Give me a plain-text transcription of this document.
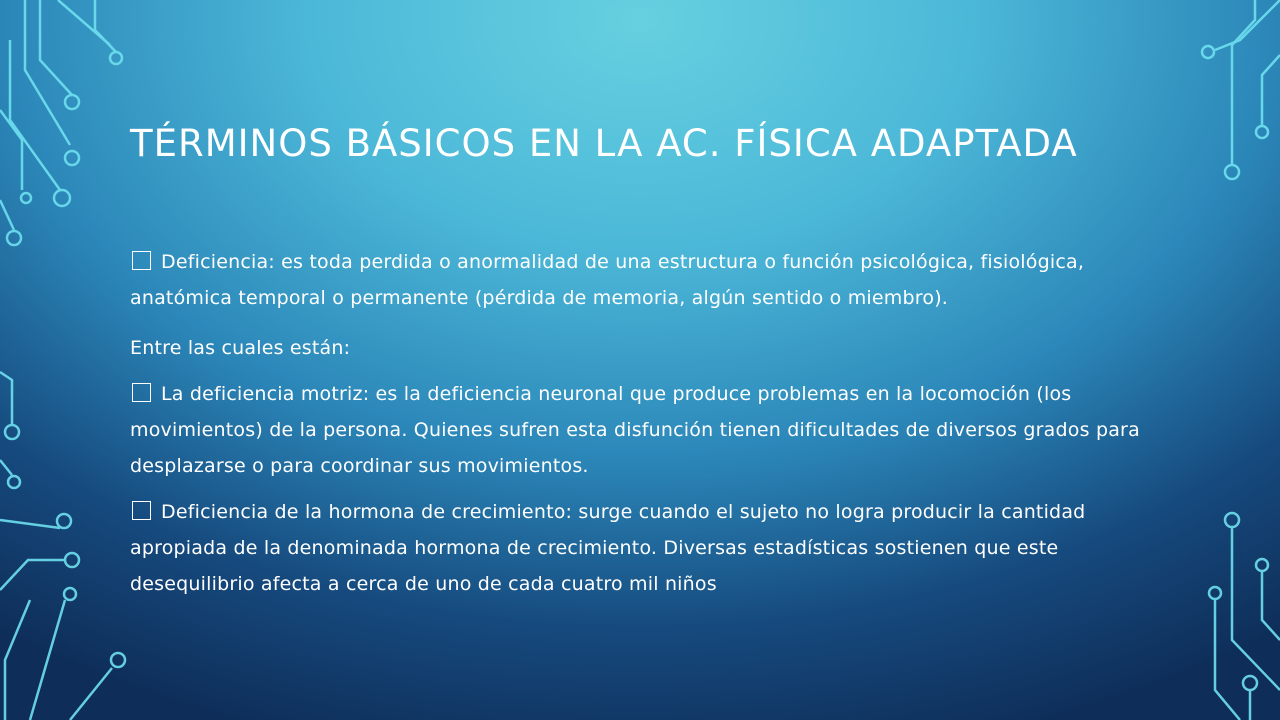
TÉRMINOS BÁSICOS EN LA AC. FÍSICA ADAPTADA

Deficiencia: es toda perdida o anormalidad de una estructura o función psicológica, fisiológica, anatómica temporal o permanente (pérdida de memoria, algún sentido o miembro).

Entre las cuales están:

La deficiencia motriz: es la deficiencia neuronal que produce problemas en la locomoción (los movimientos) de la persona. Quienes sufren esta disfunción tienen dificultades de diversos grados para desplazarse o para coordinar sus movimientos.

Deficiencia de la hormona de crecimiento: surge cuando el sujeto no logra producir la cantidad apropiada de la denominada hormona de crecimiento. Diversas estadísticas sostienen que este desequilibrio afecta a cerca de uno de cada cuatro mil niños
